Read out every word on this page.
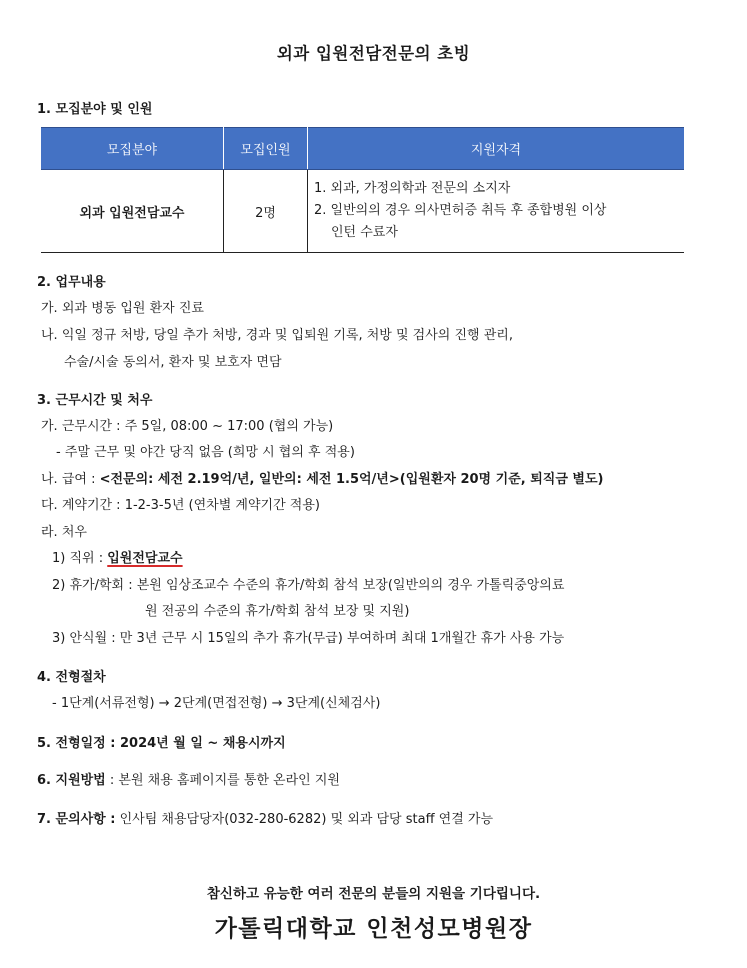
외과 입원전담전문의 초빙
1. 모집분야 및 인원
모집분야	모집인원	지원자격
외과 입원전담교수	2명	1. 외과, 가정의학과 전문의 소지자
2. 일반의의 경우 의사면허증 취득 후 종합병원 이상
인턴 수료자
2. 업무내용
가. 외과 병동 입원 환자 진료
나. 익일 정규 처방, 당일 추가 처방, 경과 및 입퇴원 기록, 처방 및 검사의 진행 관리,
수술/시술 동의서, 환자 및 보호자 면담
3. 근무시간 및 처우
가. 근무시간 : 주 5일, 08:00 ~ 17:00 (협의 가능)
- 주말 근무 및 야간 당직 없음 (희망 시 협의 후 적용)
나. 급여 : <전문의: 세전 2.19억/년, 일반의: 세전 1.5억/년>(입원환자 20명 기준, 퇴직금 별도)
다. 계약기간 : 1-2-3-5년 (연차별 계약기간 적용)
라. 처우
1) 직위 : 입원전담교수
2) 휴가/학회 : 본원 임상조교수 수준의 휴가/학회 참석 보장(일반의의 경우 가톨릭중앙의료
원 전공의 수준의 휴가/학회 참석 보장 및 지원)
3) 안식월 : 만 3년 근무 시 15일의 추가 휴가(무급) 부여하며 최대 1개월간 휴가 사용 가능
4. 전형절차
- 1단계(서류전형) → 2단계(면접전형) → 3단계(신체검사)
5. 전형일정 : 2024년 월 일 ~ 채용시까지
6. 지원방법 : 본원 채용 홈페이지를 통한 온라인 지원
7. 문의사항 : 인사팀 채용담당자(032-280-6282) 및 외과 담당 staff 연결 가능
참신하고 유능한 여러 전문의 분들의 지원을 기다립니다.
가톨릭대학교 인천성모병원장
